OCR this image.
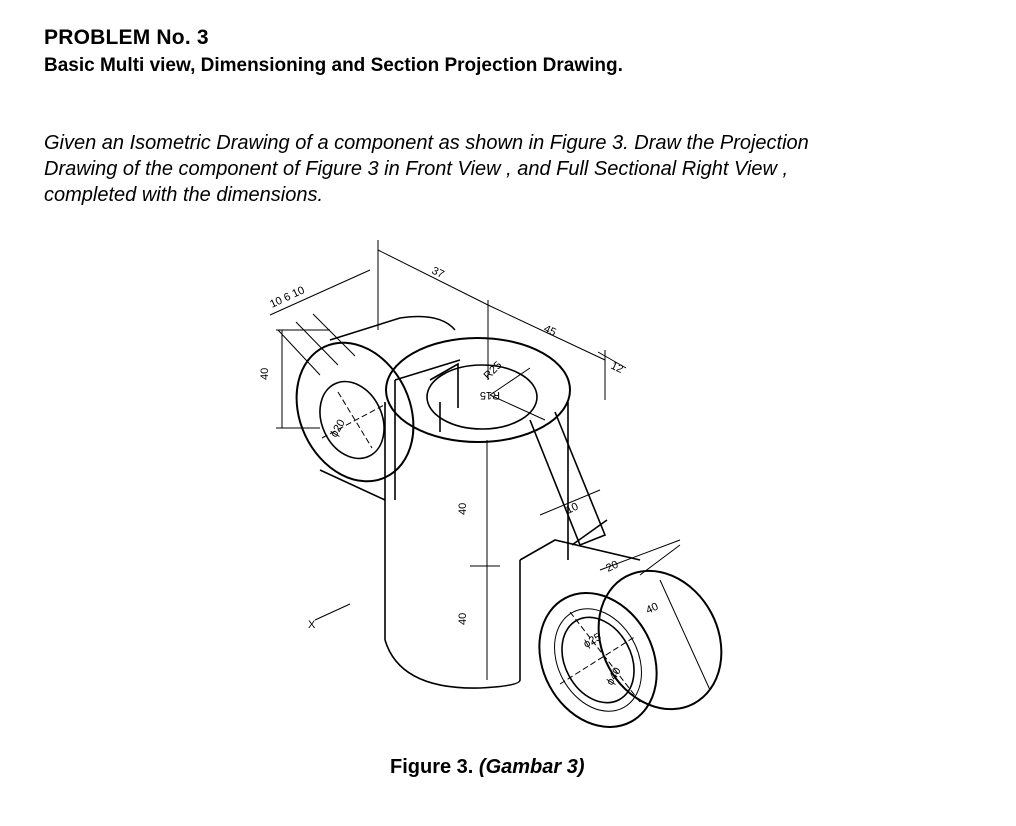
PROBLEM No. 3
Basic Multi view, Dimensioning and Section Projection Drawing.
Given an Isometric Drawing of a component as shown in Figure 3. Draw the Projection
Drawing of the component of Figure 3 in Front View , and Full Sectional Right View ,
completed with the dimensions.
37
45
12
10 6 10
40
ϕ20
R25
R15
40
40
10
20
40
ϕ25
ϕ40
X
Figure 3. (Gambar 3)
